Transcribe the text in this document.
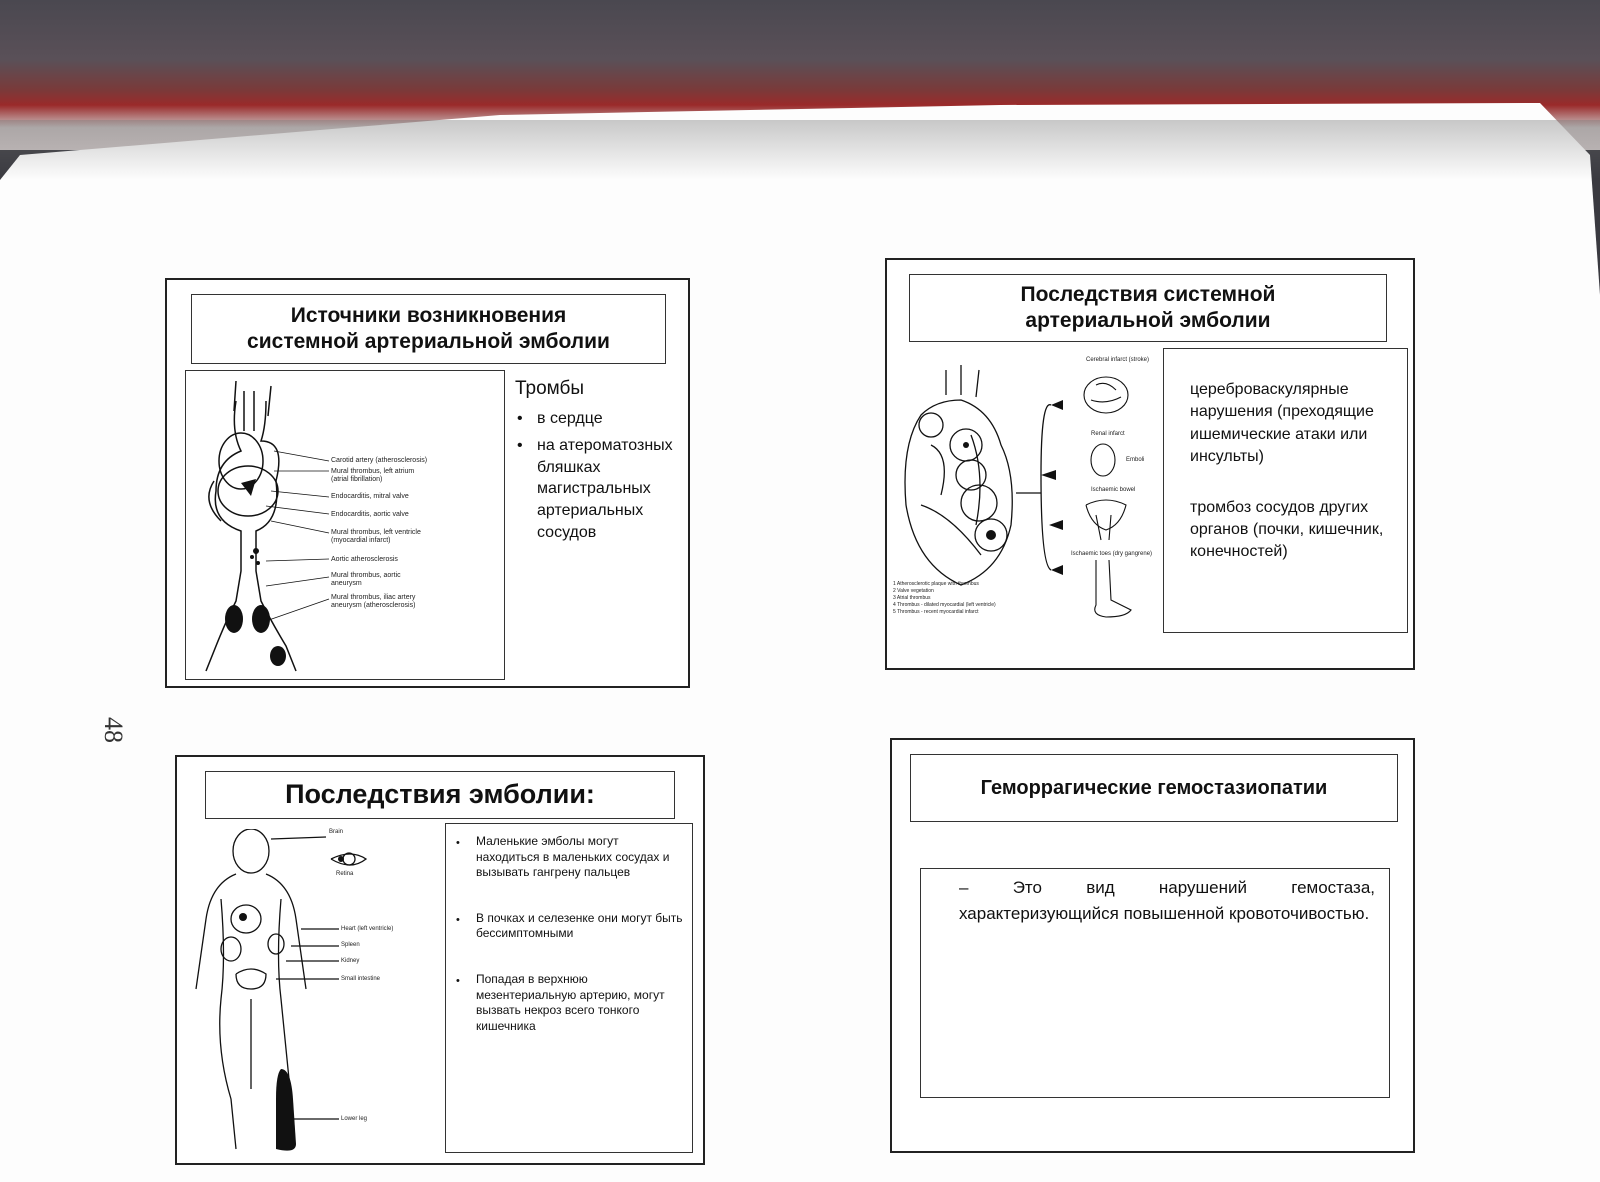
48
Источники возникновения
системной артериальной эмболии
Carotid artery (atherosclerosis)
Mural thrombus, left atrium
(atrial fibrillation)
Endocarditis, mitral valve
Endocarditis, aortic valve
Mural thrombus, left ventricle
(myocardial infarct)
Aortic atherosclerosis
Mural thrombus, aortic
aneurysm
Mural thrombus, iliac artery
aneurysm (atherosclerosis)
Тромбы
• в сердце
• на атероматозных бляшках магистральных артериальных сосудов
Последствия системной
артериальной эмболии
Cerebral infarct (stroke)
Renal infarct
Emboli
Ischaemic bowel
Ischaemic toes (dry gangrene)
1 Atherosclerotic plaque with thrombus
2 Valve vegetation
3 Atrial thrombus
4 Thrombus - dilated myocardial (left ventricle)
5 Thrombus - recent myocardial infarct
цереброваскулярные нарушения (преходящие ишемические атаки или инсульты)
тромбоз сосудов других органов (почки, кишечник, конечностей)
Последствия эмболии:
Brain
Retina
Heart (left ventricle)
Spleen
Kidney
Small intestine
Lower leg
• Маленькие эмболы могут находиться в маленьких сосудах и вызывать гангрену пальцев
• В почках и селезенке они могут быть бессимптомными
• Попадая в верхнюю мезентериальную артерию, могут вызвать некроз всего тонкого кишечника
Геморрагические гемостазиопатии
– Это вид нарушений гемостаза, характеризующийся повышенной кровоточивостью.
